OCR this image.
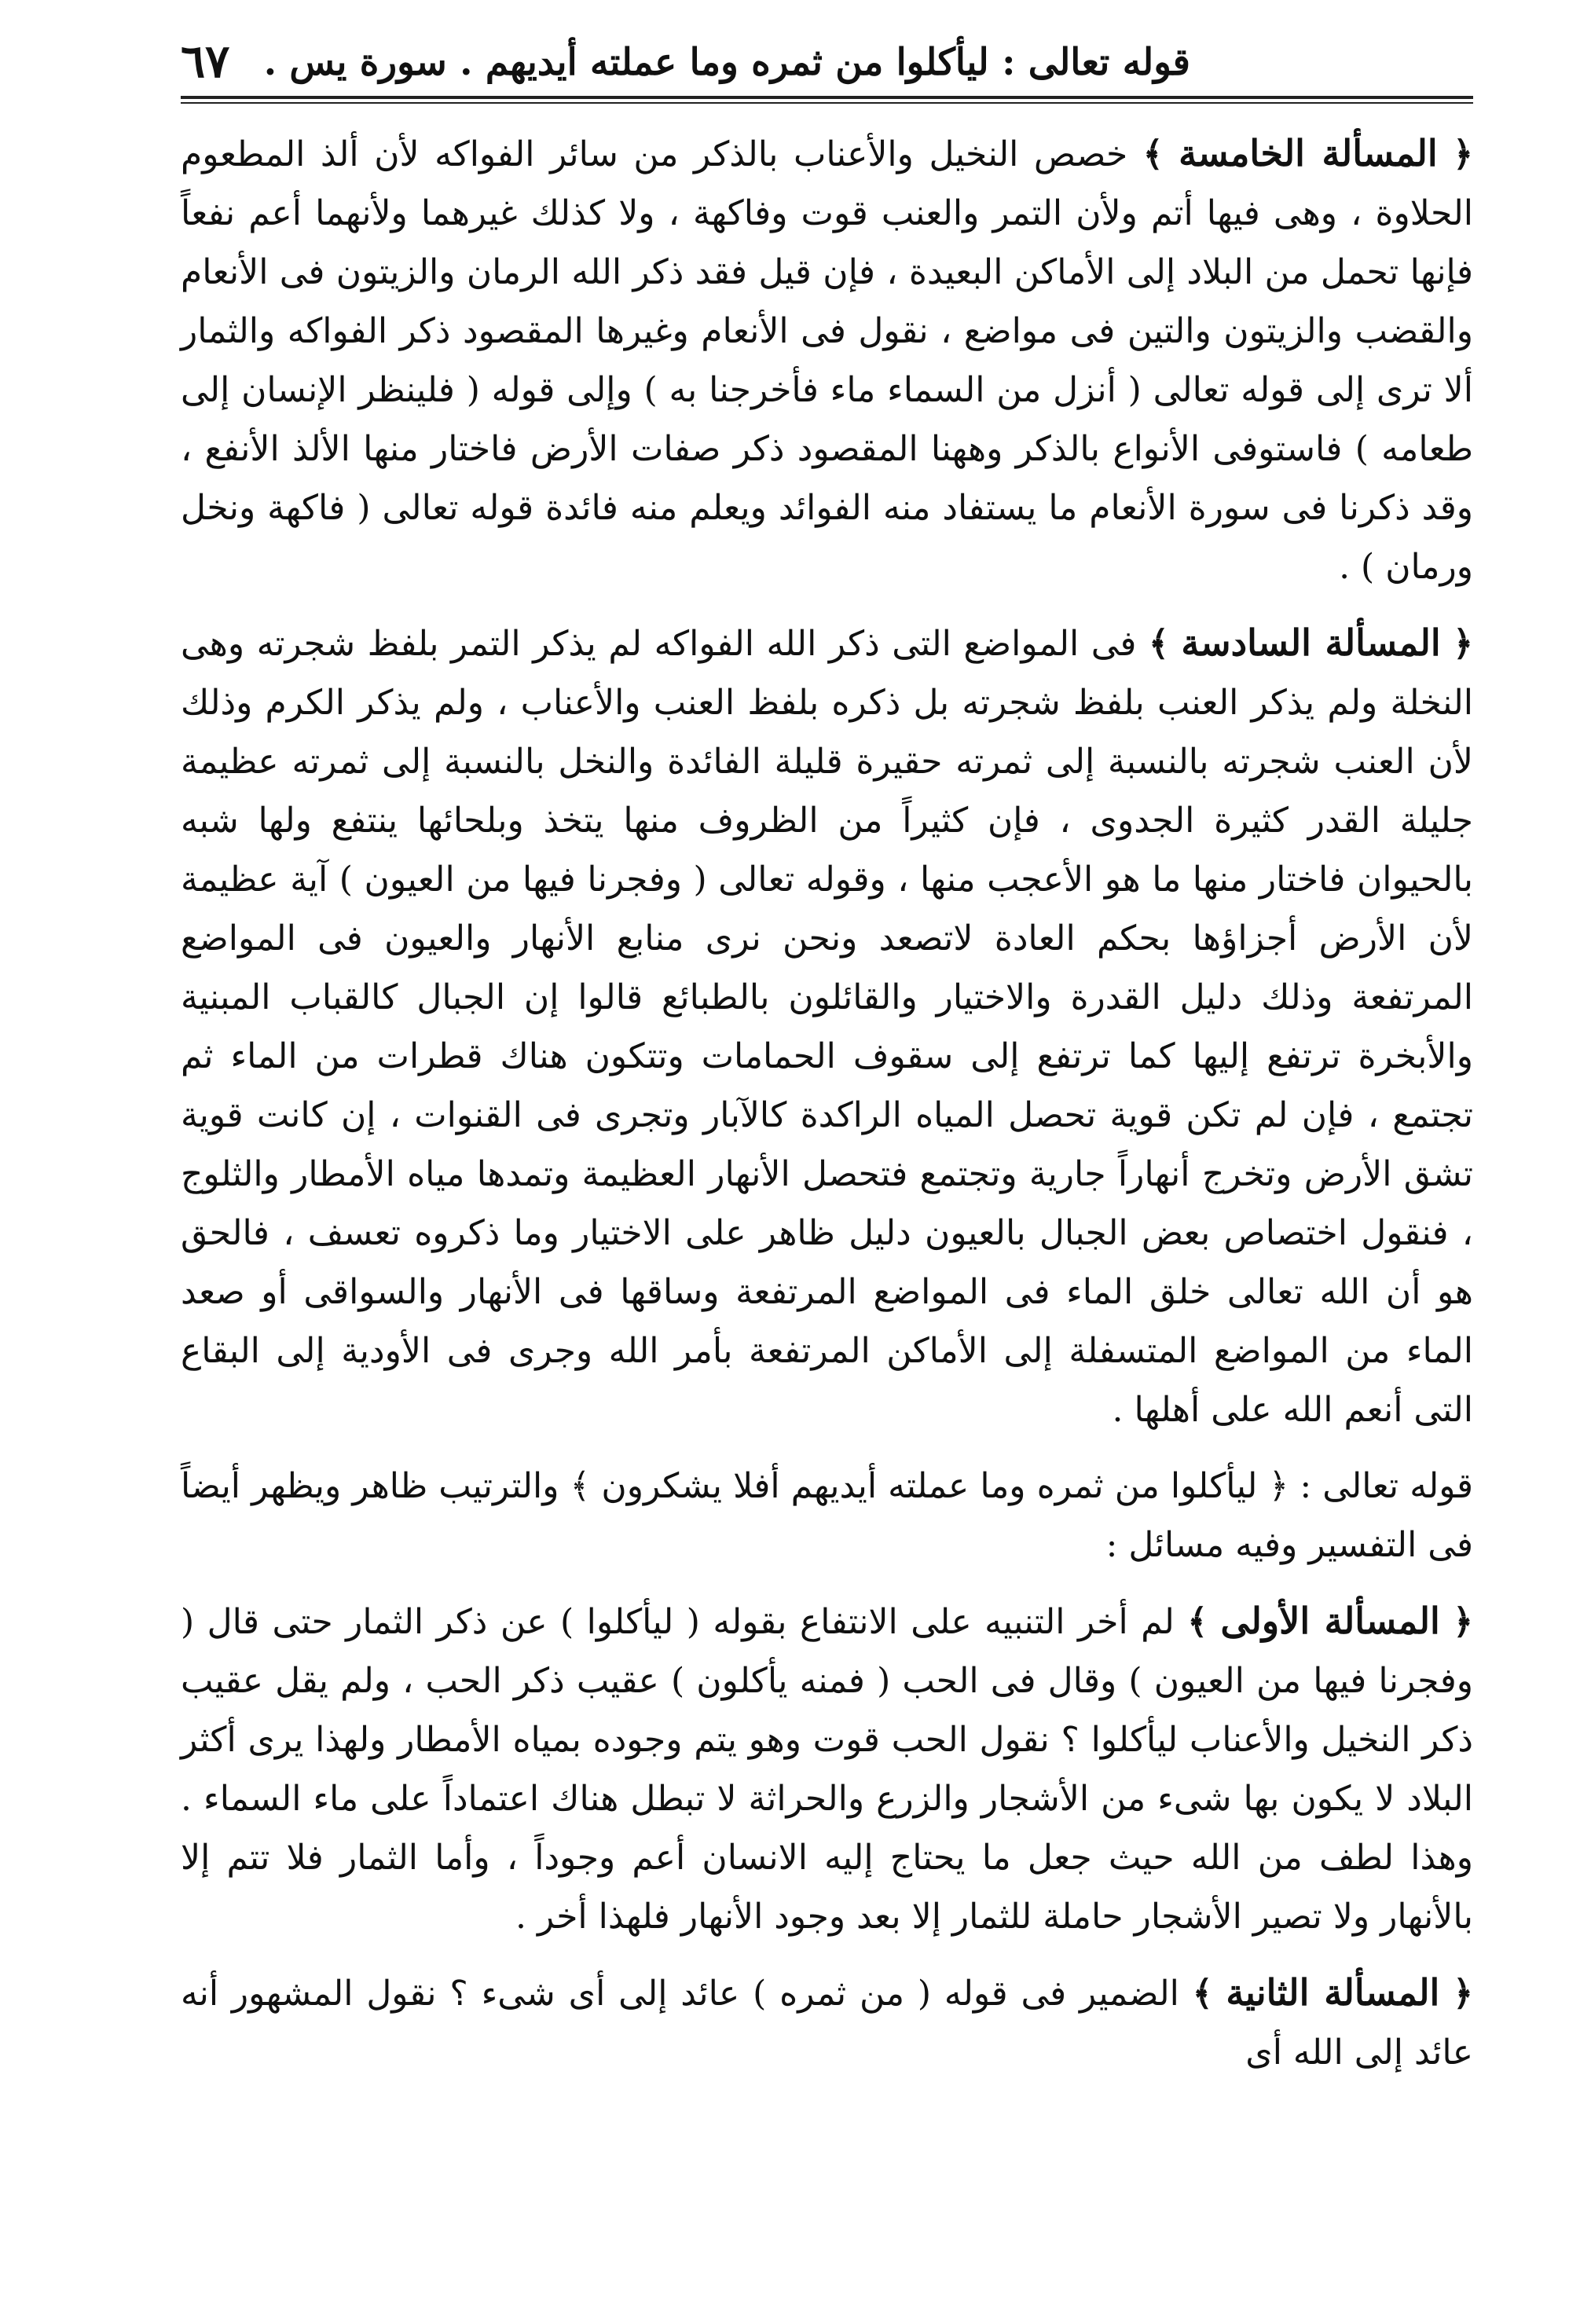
قوله تعالى : ليأكلوا من ثمره وما عملته أيديهم . سورة يس .
٦٧

﴿ المسألة الخامسة ﴾ خصص النخيل والأعناب بالذكر من سائر الفواكه لأن ألذ المطعوم الحلاوة ، وهى فيها أتم ولأن التمر والعنب قوت وفاكهة ، ولا كذلك غيرهما ولأنهما أعم نفعاً فإنها تحمل من البلاد إلى الأماكن البعيدة ، فإن قيل فقد ذكر الله الرمان والزيتون فى الأنعام والقضب والزيتون والتين فى مواضع ، نقول فى الأنعام وغيرها المقصود ذكر الفواكه والثمار ألا ترى إلى قوله تعالى ( أنزل من السماء ماء فأخرجنا به ) وإلى قوله ( فلينظر الإنسان إلى طعامه ) فاستوفى الأنواع بالذكر وههنا المقصود ذكر صفات الأرض فاختار منها الألذ الأنفع ، وقد ذكرنا فى سورة الأنعام ما يستفاد منه الفوائد ويعلم منه فائدة قوله تعالى ( فاكهة ونخل ورمان ) .

﴿ المسألة السادسة ﴾ فى المواضع التى ذكر الله الفواكه لم يذكر التمر بلفظ شجرته وهى النخلة ولم يذكر العنب بلفظ شجرته بل ذكره بلفظ العنب والأعناب ، ولم يذكر الكرم وذلك لأن العنب شجرته بالنسبة إلى ثمرته حقيرة قليلة الفائدة والنخل بالنسبة إلى ثمرته عظيمة جليلة القدر كثيرة الجدوى ، فإن كثيراً من الظروف منها يتخذ وبلحائها ينتفع ولها شبه بالحيوان فاختار منها ما هو الأعجب منها ، وقوله تعالى ( وفجرنا فيها من العيون ) آية عظيمة لأن الأرض أجزاؤها بحكم العادة لاتصعد ونحن نرى منابع الأنهار والعيون فى المواضع المرتفعة وذلك دليل القدرة والاختيار والقائلون بالطبائع قالوا إن الجبال كالقباب المبنية والأبخرة ترتفع إليها كما ترتفع إلى سقوف الحمامات وتتكون هناك قطرات من الماء ثم تجتمع ، فإن لم تكن قوية تحصل المياه الراكدة كالآبار وتجرى فى القنوات ، إن كانت قوية تشق الأرض وتخرج أنهاراً جارية وتجتمع فتحصل الأنهار العظيمة وتمدها مياه الأمطار والثلوج ، فنقول اختصاص بعض الجبال بالعيون دليل ظاهر على الاختيار وما ذكروه تعسف ، فالحق هو أن الله تعالى خلق الماء فى المواضع المرتفعة وساقها فى الأنهار والسواقى أو صعد الماء من المواضع المتسفلة إلى الأماكن المرتفعة بأمر الله وجرى فى الأودية إلى البقاع التى أنعم الله على أهلها .

قوله تعالى : ﴿ ليأكلوا من ثمره وما عملته أيديهم أفلا يشكرون ﴾ والترتيب ظاهر ويظهر أيضاً فى التفسير وفيه مسائل :

﴿ المسألة الأولى ﴾ لم أخر التنبيه على الانتفاع بقوله ( ليأكلوا ) عن ذكر الثمار حتى قال ( وفجرنا فيها من العيون ) وقال فى الحب ( فمنه يأكلون ) عقيب ذكر الحب ، ولم يقل عقيب ذكر النخيل والأعناب ليأكلوا ؟ نقول الحب قوت وهو يتم وجوده بمياه الأمطار ولهذا يرى أكثر البلاد لا يكون بها شىء من الأشجار والزرع والحراثة لا تبطل هناك اعتماداً على ماء السماء . وهذا لطف من الله حيث جعل ما يحتاج إليه الانسان أعم وجوداً ، وأما الثمار فلا تتم إلا بالأنهار ولا تصير الأشجار حاملة للثمار إلا بعد وجود الأنهار فلهذا أخر .

﴿ المسألة الثانية ﴾ الضمير فى قوله ( من ثمره ) عائد إلى أى شىء ؟ نقول المشهور أنه عائد إلى الله أى
